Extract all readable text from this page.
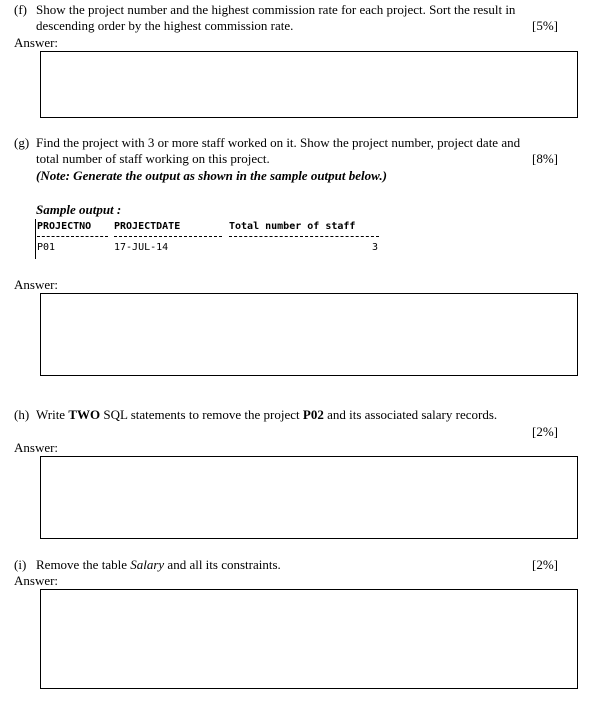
(f) Show the project number and the highest commission rate for each project. Sort the result in
descending order by the highest commission rate.	[5%]
Answer:
(g) Find the project with 3 or more staff worked on it. Show the project number, project date and
total number of staff working on this project.	[8%]
(Note: Generate the output as shown in the sample output below.)
Sample output :
PROJECTNO PROJECTDATE	Total number of staff
P01	17-JUL-14	3
Answer:
(h) Write TWO SQL statements to remove the project P02 and its associated salary records.
[2%]
Answer:
(i) Remove the table Salary and all its constraints.	[2%]
Answer:
